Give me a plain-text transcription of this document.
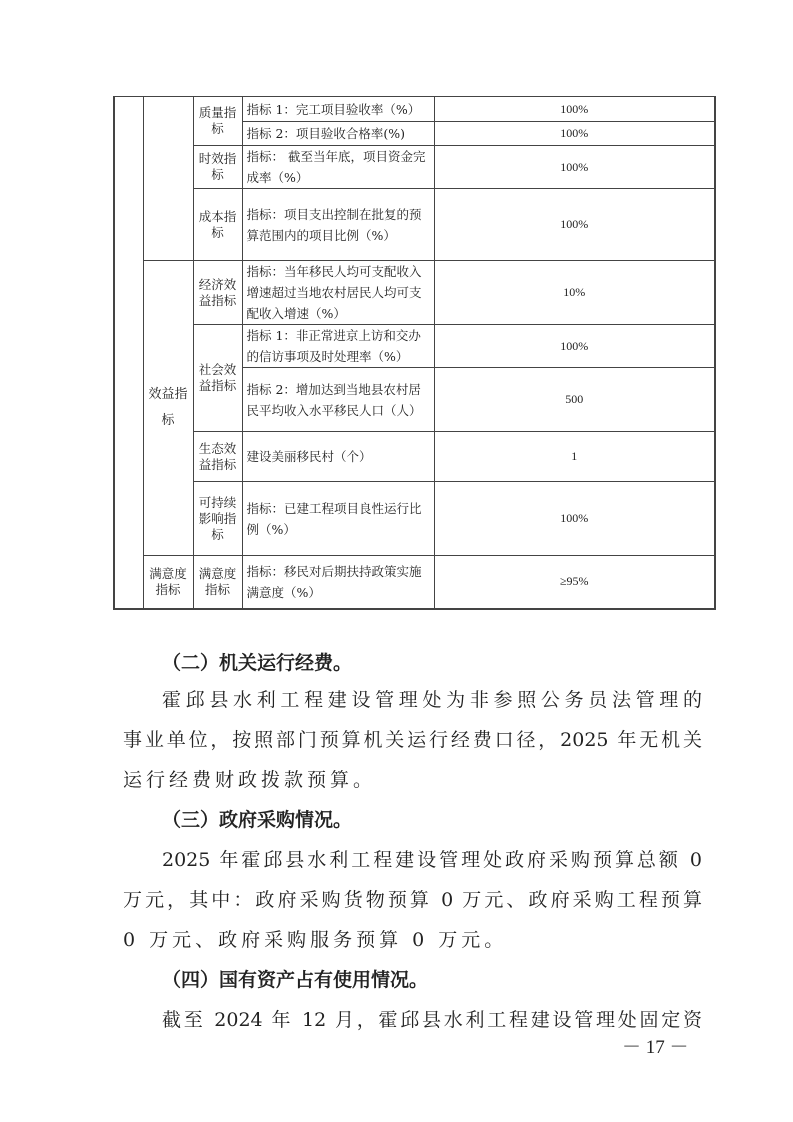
		质量指标	指标 1：完工项目验收率（%）	100%
			指标 2：项目验收合格率(%)	100%
		时效指标	指标： 截至当年底，项目资金完成率（%）	100%
		成本指标	指标：项目支出控制在批复的预算范围内的项目比例（%）	100%
	效益指标	经济效益指标	指标：当年移民人均可支配收入增速超过当地农村居民人均可支配收入增速（%）	10%
		社会效益指标	指标 1：非正常进京上访和交办的信访事项及时处理率（%）	100%
			指标 2：增加达到当地县农村居民平均收入水平移民人口（人）	500
		生态效益指标	建设美丽移民村（个）	1
		可持续影响指标	指标：已建工程项目良性运行比例（%）	100%
	满意度指标	满意度指标	指标：移民对后期扶持政策实施满意度（%）	≥95%
（二）机关运行经费。
霍邱县水利工程建设管理处为非参照公务员法管理的
事业单位，按照部门预算机关运行经费口径，2025 年无机关
运行经费财政拨款预算。
（三）政府采购情况。
2025 年霍邱县水利工程建设管理处政府采购预算总额 0
万元，其中：政府采购货物预算 0 万元、政府采购工程预算
0 万元、政府采购服务预算 0 万元。
（四）国有资产占有使用情况。
截至 2024 年 12 月，霍邱县水利工程建设管理处固定资
－ 17 －
